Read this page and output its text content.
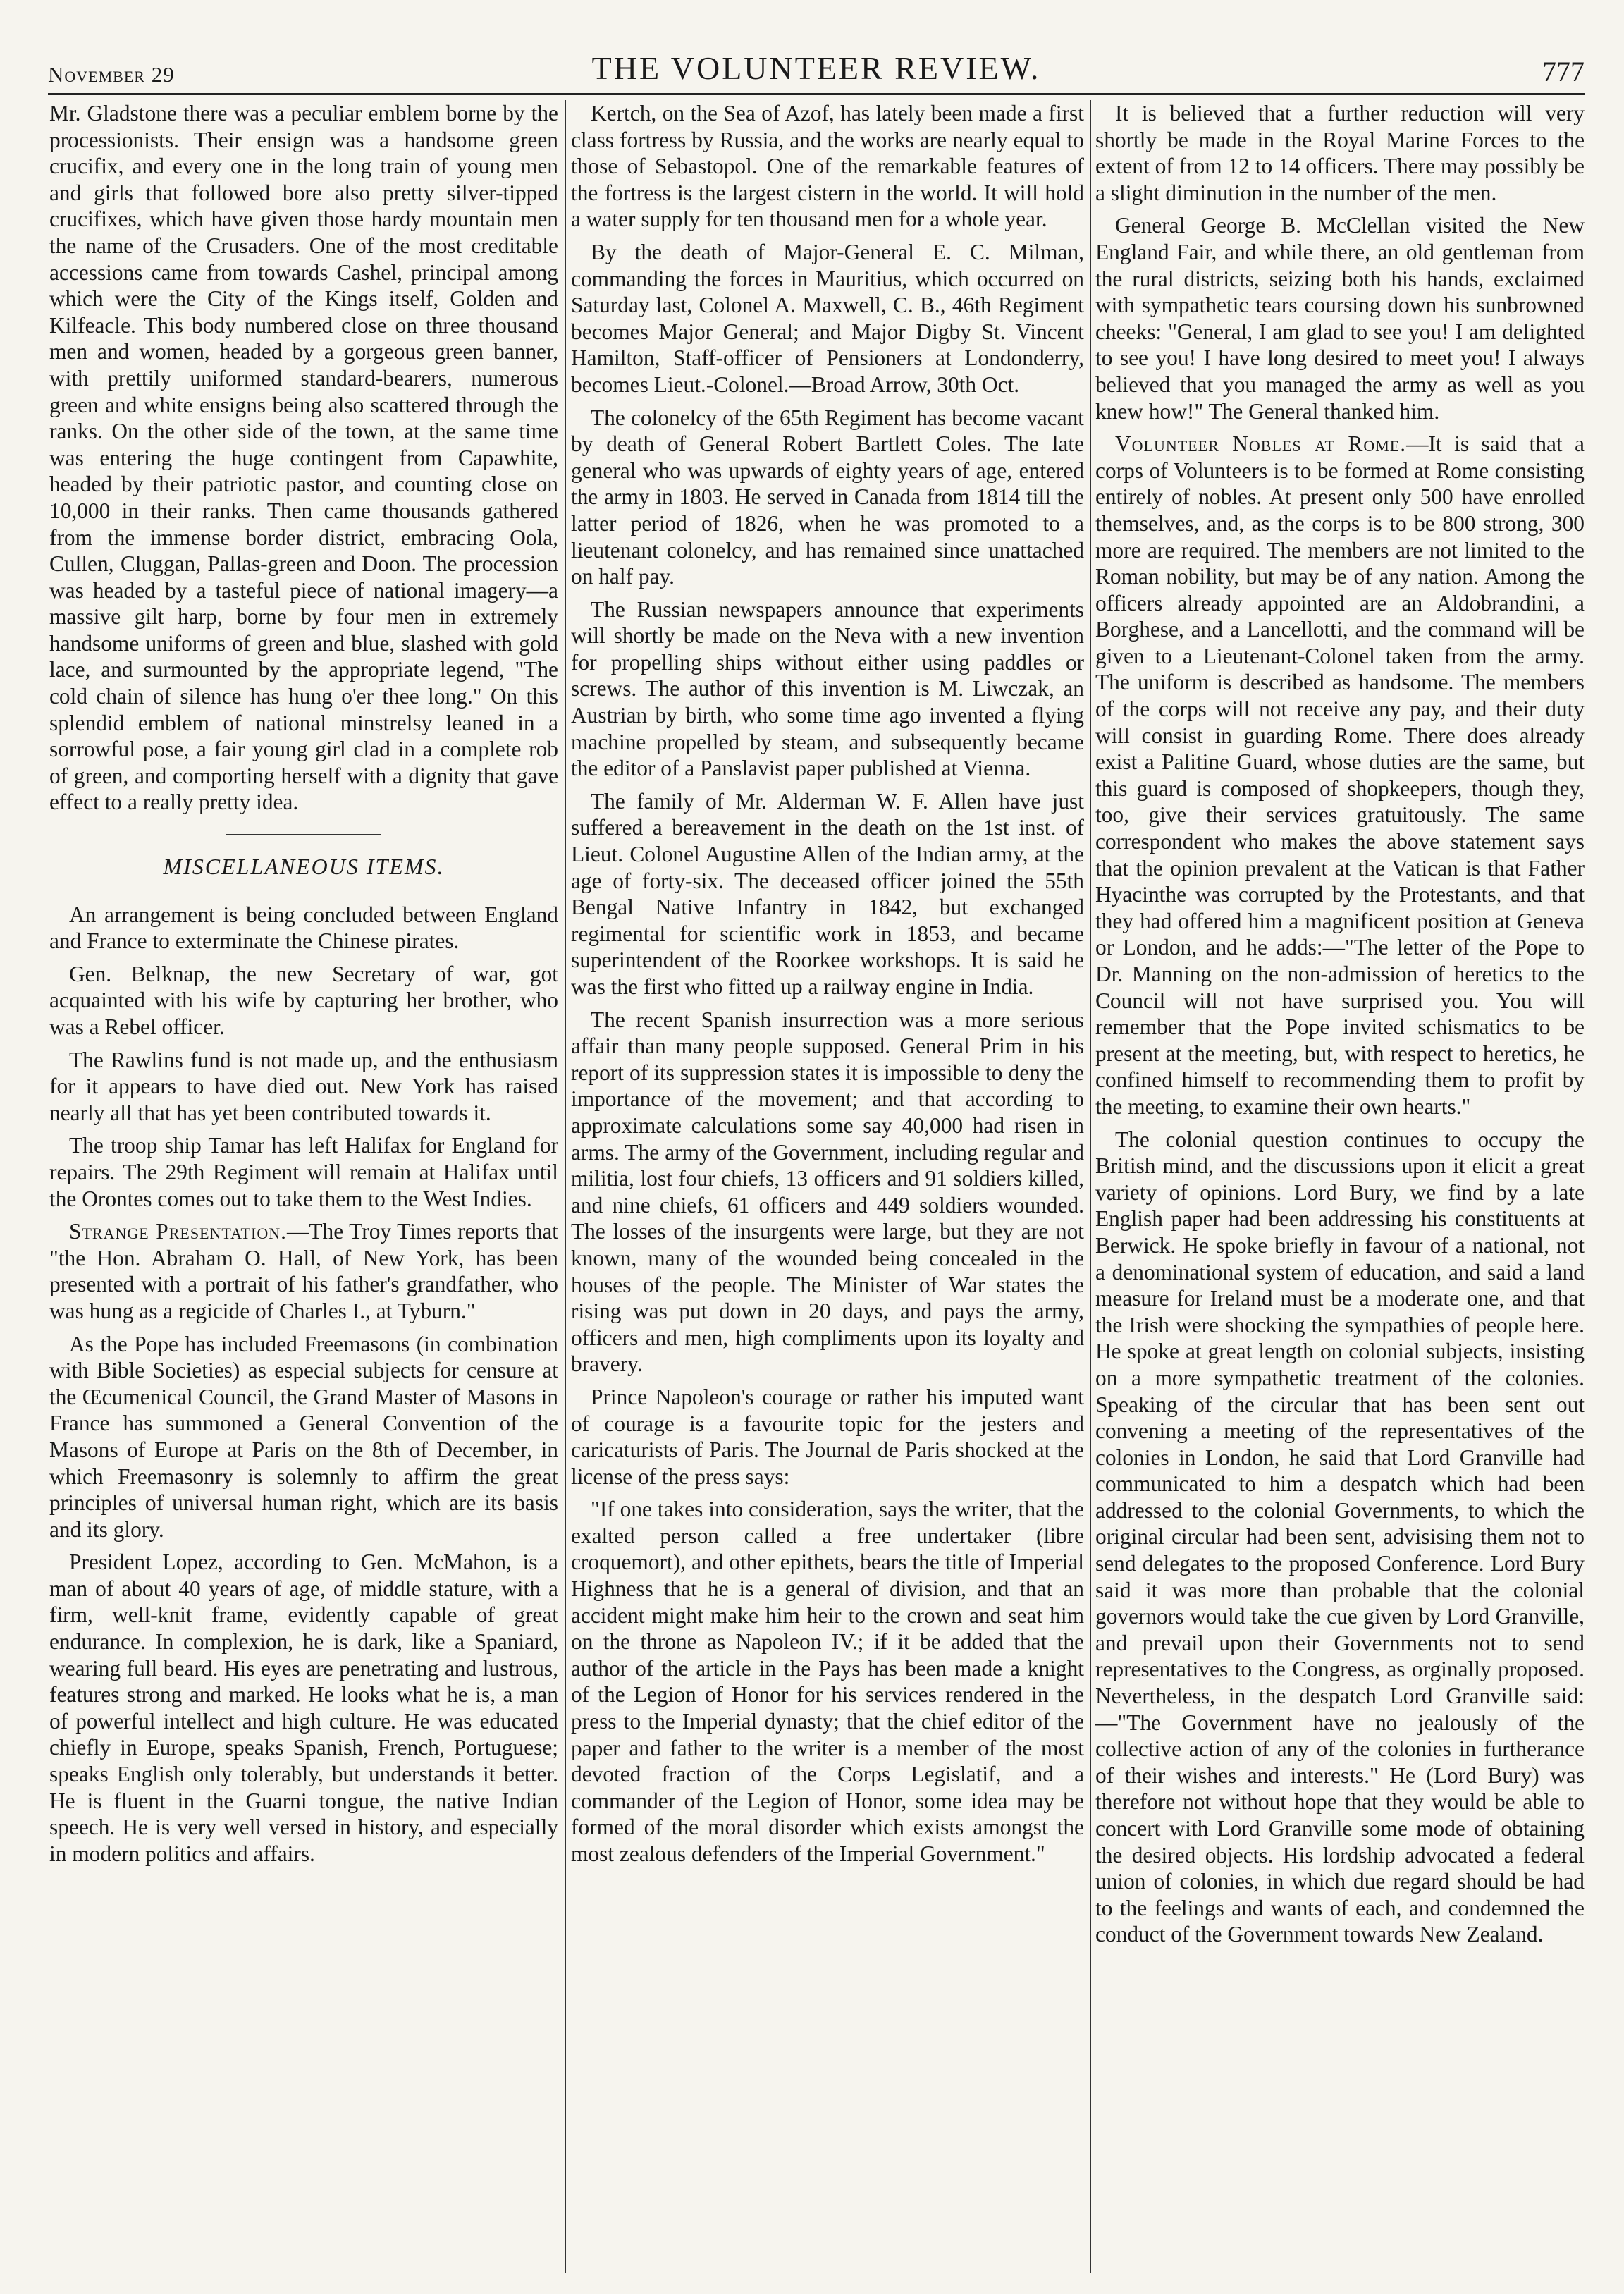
November 29	THE VOLUNTEER REVIEW.	777

Mr. Gladstone there was a peculiar emblem borne by the processionists. Their ensign was a handsome green crucifix, and every one in the long train of young men and girls that followed bore also pretty silver-tipped crucifixes, which have given those hardy mountain men the name of the Crusaders. One of the most creditable accessions came from towards Cashel, principal among which were the City of the Kings itself, Golden and Kilfeacle. This body numbered close on three thousand men and women, headed by a gorgeous green banner, with prettily uniformed standard-bearers, numerous green and white ensigns being also scattered through the ranks. On the other side of the town, at the same time was entering the huge contingent from Capawhite, headed by their patriotic pastor, and counting close on 10,000 in their ranks. Then came thousands gathered from the immense border district, embracing Oola, Cullen, Cluggan, Pallas-green and Doon. The procession was headed by a tasteful piece of national imagery—a massive gilt harp, borne by four men in extremely handsome uniforms of green and blue, slashed with gold lace, and surmounted by the appropriate legend, "The cold chain of silence has hung o'er thee long." On this splendid emblem of national minstrelsy leaned in a sorrowful pose, a fair young girl clad in a complete rob of green, and comporting herself with a dignity that gave effect to a really pretty idea.

MISCELLANEOUS ITEMS.

An arrangement is being concluded between England and France to exterminate the Chinese pirates.

Gen. Belknap, the new Secretary of war, got acquainted with his wife by capturing her brother, who was a Rebel officer.

The Rawlins fund is not made up, and the enthusiasm for it appears to have died out. New York has raised nearly all that has yet been contributed towards it.

The troop ship Tamar has left Halifax for England for repairs. The 29th Regiment will remain at Halifax until the Orontes comes out to take them to the West Indies.

Strange Presentation.—The Troy Times reports that "the Hon. Abraham O. Hall, of New York, has been presented with a portrait of his father's grandfather, who was hung as a regicide of Charles I., at Tyburn."

As the Pope has included Freemasons (in combination with Bible Societies) as especial subjects for censure at the Œcumenical Council, the Grand Master of Masons in France has summoned a General Convention of the Masons of Europe at Paris on the 8th of December, in which Freemasonry is solemnly to affirm the great principles of universal human right, which are its basis and its glory.

President Lopez, according to Gen. McMahon, is a man of about 40 years of age, of middle stature, with a firm, well-knit frame, evidently capable of great endurance. In complexion, he is dark, like a Spaniard, wearing full beard. His eyes are penetrating and lustrous, features strong and marked. He looks what he is, a man of powerful intellect and high culture. He was educated chiefly in Europe, speaks Spanish, French, Portuguese; speaks English only tolerably, but understands it better. He is fluent in the Guarni tongue, the native Indian speech. He is very well versed in history, and especially in modern politics and affairs.

Kertch, on the Sea of Azof, has lately been made a first class fortress by Russia, and the works are nearly equal to those of Sebastopol. One of the remarkable features of the fortress is the largest cistern in the world. It will hold a water supply for ten thousand men for a whole year.

By the death of Major-General E. C. Milman, commanding the forces in Mauritius, which occurred on Saturday last, Colonel A. Maxwell, C. B., 46th Regiment becomes Major General; and Major Digby St. Vincent Hamilton, Staff-officer of Pensioners at Londonderry, becomes Lieut.-Colonel.—Broad Arrow, 30th Oct.

The colonelcy of the 65th Regiment has become vacant by death of General Robert Bartlett Coles. The late general who was upwards of eighty years of age, entered the army in 1803. He served in Canada from 1814 till the latter period of 1826, when he was promoted to a lieutenant colonelcy, and has remained since unattached on half pay.

The Russian newspapers announce that experiments will shortly be made on the Neva with a new invention for propelling ships without either using paddles or screws. The author of this invention is M. Liwczak, an Austrian by birth, who some time ago invented a flying machine propelled by steam, and subsequently became the editor of a Panslavist paper published at Vienna.

The family of Mr. Alderman W. F. Allen have just suffered a bereavement in the death on the 1st inst. of Lieut. Colonel Augustine Allen of the Indian army, at the age of forty-six. The deceased officer joined the 55th Bengal Native Infantry in 1842, but exchanged regimental for scientific work in 1853, and became superintendent of the Roorkee workshops. It is said he was the first who fitted up a railway engine in India.

The recent Spanish insurrection was a more serious affair than many people supposed. General Prim in his report of its suppression states it is impossible to deny the importance of the movement; and that according to approximate calculations some say 40,000 had risen in arms. The army of the Government, including regular and militia, lost four chiefs, 13 officers and 91 soldiers killed, and nine chiefs, 61 officers and 449 soldiers wounded. The losses of the insurgents were large, but they are not known, many of the wounded being concealed in the houses of the people. The Minister of War states the rising was put down in 20 days, and pays the army, officers and men, high compliments upon its loyalty and bravery.

Prince Napoleon's courage or rather his imputed want of courage is a favourite topic for the jesters and caricaturists of Paris. The Journal de Paris shocked at the license of the press says:

"If one takes into consideration, says the writer, that the exalted person called a free undertaker (libre croquemort), and other epithets, bears the title of Imperial Highness that he is a general of division, and that an accident might make him heir to the crown and seat him on the throne as Napoleon IV.; if it be added that the author of the article in the Pays has been made a knight of the Legion of Honor for his services rendered in the press to the Imperial dynasty; that the chief editor of the paper and father to the writer is a member of the most devoted fraction of the Corps Legislatif, and a commander of the Legion of Honor, some idea may be formed of the moral disorder which exists amongst the most zealous defenders of the Imperial Government."

It is believed that a further reduction will very shortly be made in the Royal Marine Forces to the extent of from 12 to 14 officers. There may possibly be a slight diminution in the number of the men.

General George B. McClellan visited the New England Fair, and while there, an old gentleman from the rural districts, seizing both his hands, exclaimed with sympathetic tears coursing down his sunbrowned cheeks: "General, I am glad to see you! I am delighted to see you! I have long desired to meet you! I always believed that you managed the army as well as you knew how!" The General thanked him.

Volunteer Nobles at Rome.—It is said that a corps of Volunteers is to be formed at Rome consisting entirely of nobles. At present only 500 have enrolled themselves, and, as the corps is to be 800 strong, 300 more are required. The members are not limited to the Roman nobility, but may be of any nation. Among the officers already appointed are an Aldobrandini, a Borghese, and a Lancellotti, and the command will be given to a Lieutenant-Colonel taken from the army. The uniform is described as handsome. The members of the corps will not receive any pay, and their duty will consist in guarding Rome. There does already exist a Palitine Guard, whose duties are the same, but this guard is composed of shopkeepers, though they, too, give their services gratuitously. The same correspondent who makes the above statement says that the opinion prevalent at the Vatican is that Father Hyacinthe was corrupted by the Protestants, and that they had offered him a magnificent position at Geneva or London, and he adds:—"The letter of the Pope to Dr. Manning on the non-admission of heretics to the Council will not have surprised you. You will remember that the Pope invited schismatics to be present at the meeting, but, with respect to heretics, he confined himself to recommending them to profit by the meeting, to examine their own hearts."

The colonial question continues to occupy the British mind, and the discussions upon it elicit a great variety of opinions. Lord Bury, we find by a late English paper had been addressing his constituents at Berwick. He spoke briefly in favour of a national, not a denominational system of education, and said a land measure for Ireland must be a moderate one, and that the Irish were shocking the sympathies of people here. He spoke at great length on colonial subjects, insisting on a more sympathetic treatment of the colonies. Speaking of the circular that has been sent out convening a meeting of the representatives of the colonies in London, he said that Lord Granville had communicated to him a despatch which had been addressed to the colonial Governments, to which the original circular had been sent, advisising them not to send delegates to the proposed Conference. Lord Bury said it was more than probable that the colonial governors would take the cue given by Lord Granville, and prevail upon their Governments not to send representatives to the Congress, as orginally proposed. Nevertheless, in the despatch Lord Granville said:—"The Government have no jealously of the collective action of any of the colonies in furtherance of their wishes and interests." He (Lord Bury) was therefore not without hope that they would be able to concert with Lord Granville some mode of obtaining the desired objects. His lordship advocated a federal union of colonies, in which due regard should be had to the feelings and wants of each, and condemned the conduct of the Government towards New Zealand.
